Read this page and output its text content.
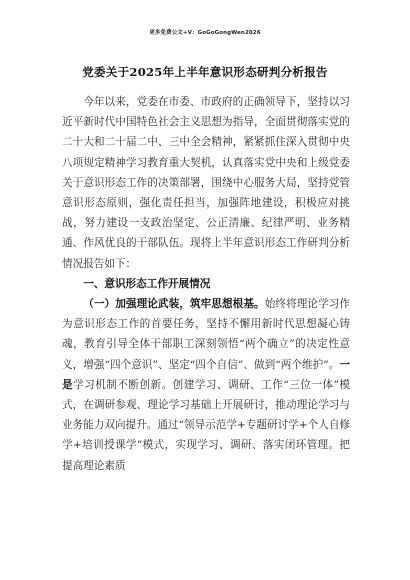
更多免费公文+V：GoGoGongWen2026
党委关于2025年上半年意识形态研判分析报告

今年以来，党委在市委、市政府的正确领导下，坚持以习近平新时代中国特色社会主义思想为指导，全面贯彻落实党的二十大和二十届二中、三中全会精神，紧紧抓住深入贯彻中央八项规定精神学习教育重大契机，认真落实党中央和上级党委关于意识形态工作的决策部署，围绕中心服务大局，坚持党管意识形态原则，强化责任担当，加强阵地建设，积极应对挑战，努力建设一支政治坚定、公正清廉、纪律严明、业务精通、作风优良的干部队伍。现将上半年意识形态工作研判分析情况报告如下：

一、意识形态工作开展情况

（一）加强理论武装，筑牢思想根基。始终将理论学习作为意识形态工作的首要任务，坚持不懈用新时代思想凝心铸魂，教育引导全体干部职工深刻领悟“两个确立”的决定性意义，增强“四个意识”、坚定“四个自信”、做到“两个维护”。一是学习机制不断创新。创建学习、调研、工作“三位一体”模式，在调研参观、理论学习基础上开展研讨，推动理论学习与业务能力双向提升。通过“领导示范学+专题研讨学+个人自修学+培训授课学”模式，实现学习、调研、落实闭环管理。把提高理论素质
